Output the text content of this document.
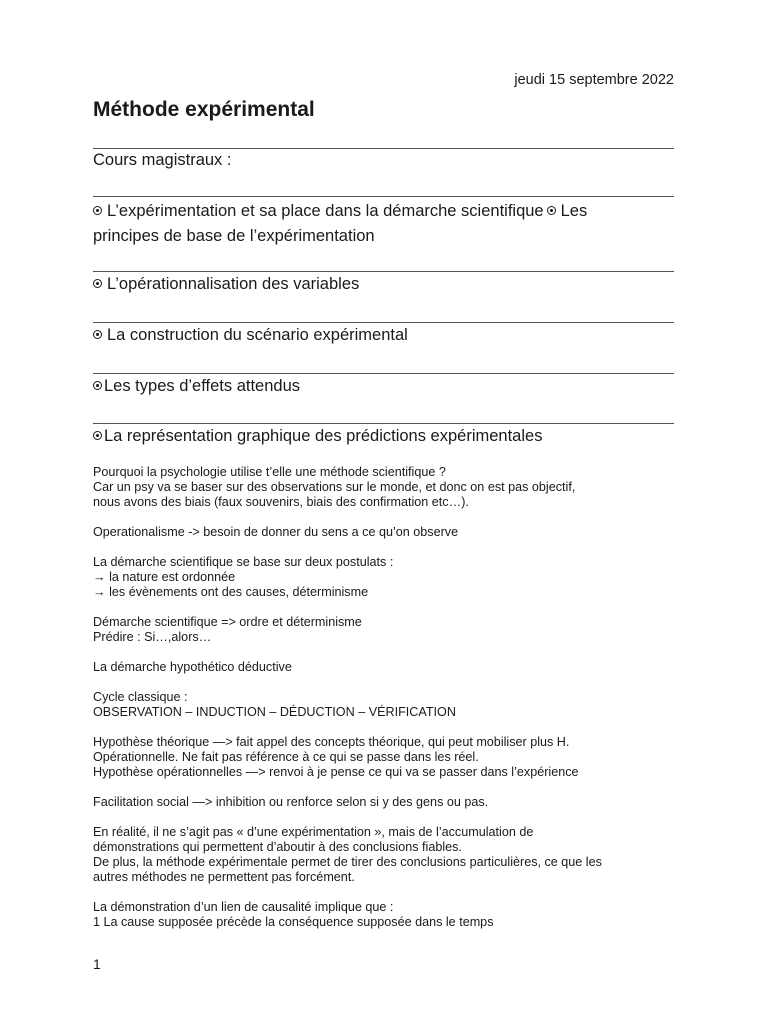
jeudi 15 septembre 2022
Méthode expérimental
Cours magistraux :
L’expérimentation et sa place dans la démarche scientifique Les
principes de base de l’expérimentation
L’opérationnalisation des variables
La construction du scénario expérimental
Les types d’effets attendus
La représentation graphique des prédictions expérimentales

Pourquoi la psychologie utilise t’elle une méthode scientifique ?
Car un psy va se baser sur des observations sur le monde, et donc on est pas objectif,
nous avons des biais (faux souvenirs, biais des confirmation etc…).

Operationalisme -> besoin de donner du sens a ce qu’on observe

La démarche scientifique se base sur deux postulats :
→ la nature est ordonnée
→ les évènements ont des causes, déterminisme

Démarche scientifique => ordre et déterminisme
Prédire : Si…,alors…

La démarche hypothético déductive

Cycle classique :
OBSERVATION – INDUCTION – DÉDUCTION – VÉRIFICATION

Hypothèse théorique —> fait appel des concepts théorique, qui peut mobiliser plus H.
Opérationnelle. Ne fait pas référence à ce qui se passe dans les réel.
Hypothèse opérationnelles —> renvoi à je pense ce qui va se passer dans l’expérience

Facilitation social —> inhibition ou renforce selon si y des gens ou pas.

En réalité, il ne s’agit pas « d’une expérimentation », mais de l’accumulation de
démonstrations qui permettent d’aboutir à des conclusions fiables.
De plus, la méthode expérimentale permet de tirer des conclusions particulières, ce que les
autres méthodes ne permettent pas forcément.

La démonstration d’un lien de causalité implique que :
1 La cause supposée précède la conséquence supposée dans le temps

1
